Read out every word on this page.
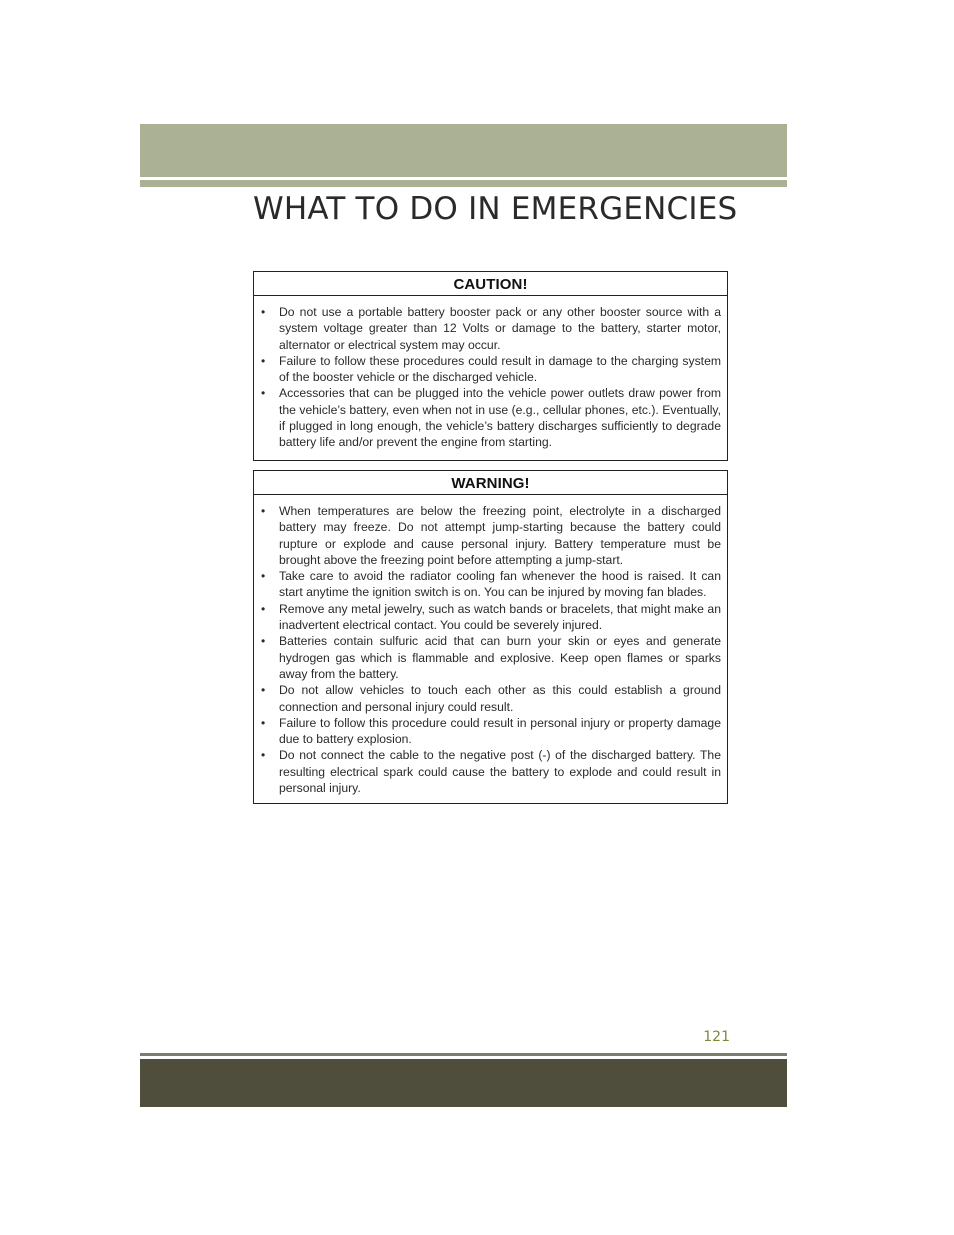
WHAT TO DO IN EMERGENCIES
CAUTION!
•	Do not use a portable battery booster pack or any other booster source with a system voltage greater than 12 Volts or damage to the battery, starter motor, alternator or electrical system may occur.
•	Failure to follow these procedures could result in damage to the charging system of the booster vehicle or the discharged vehicle.
•	Accessories that can be plugged into the vehicle power outlets draw power from the vehicle’s battery, even when not in use (e.g., cellular phones, etc.). Eventually, if plugged in long enough, the vehicle’s battery discharges sufficiently to degrade battery life and/or prevent the engine from starting.
WARNING!
•	When temperatures are below the freezing point, electrolyte in a discharged battery may freeze. Do not attempt jump-starting because the battery could rupture or explode and cause personal injury. Battery temperature must be brought above the freezing point before attempting a jump-start.
•	Take care to avoid the radiator cooling fan whenever the hood is raised. It can start anytime the ignition switch is on. You can be injured by moving fan blades.
•	Remove any metal jewelry, such as watch bands or bracelets, that might make an inadvertent electrical contact. You could be severely injured.
•	Batteries contain sulfuric acid that can burn your skin or eyes and generate hydrogen gas which is flammable and explosive. Keep open flames or sparks away from the battery.
•	Do not allow vehicles to touch each other as this could establish a ground connection and personal injury could result.
•	Failure to follow this procedure could result in personal injury or property damage due to battery explosion.
•	Do not connect the cable to the negative post (-) of the discharged battery. The resulting electrical spark could cause the battery to explode and could result in personal injury.
121
